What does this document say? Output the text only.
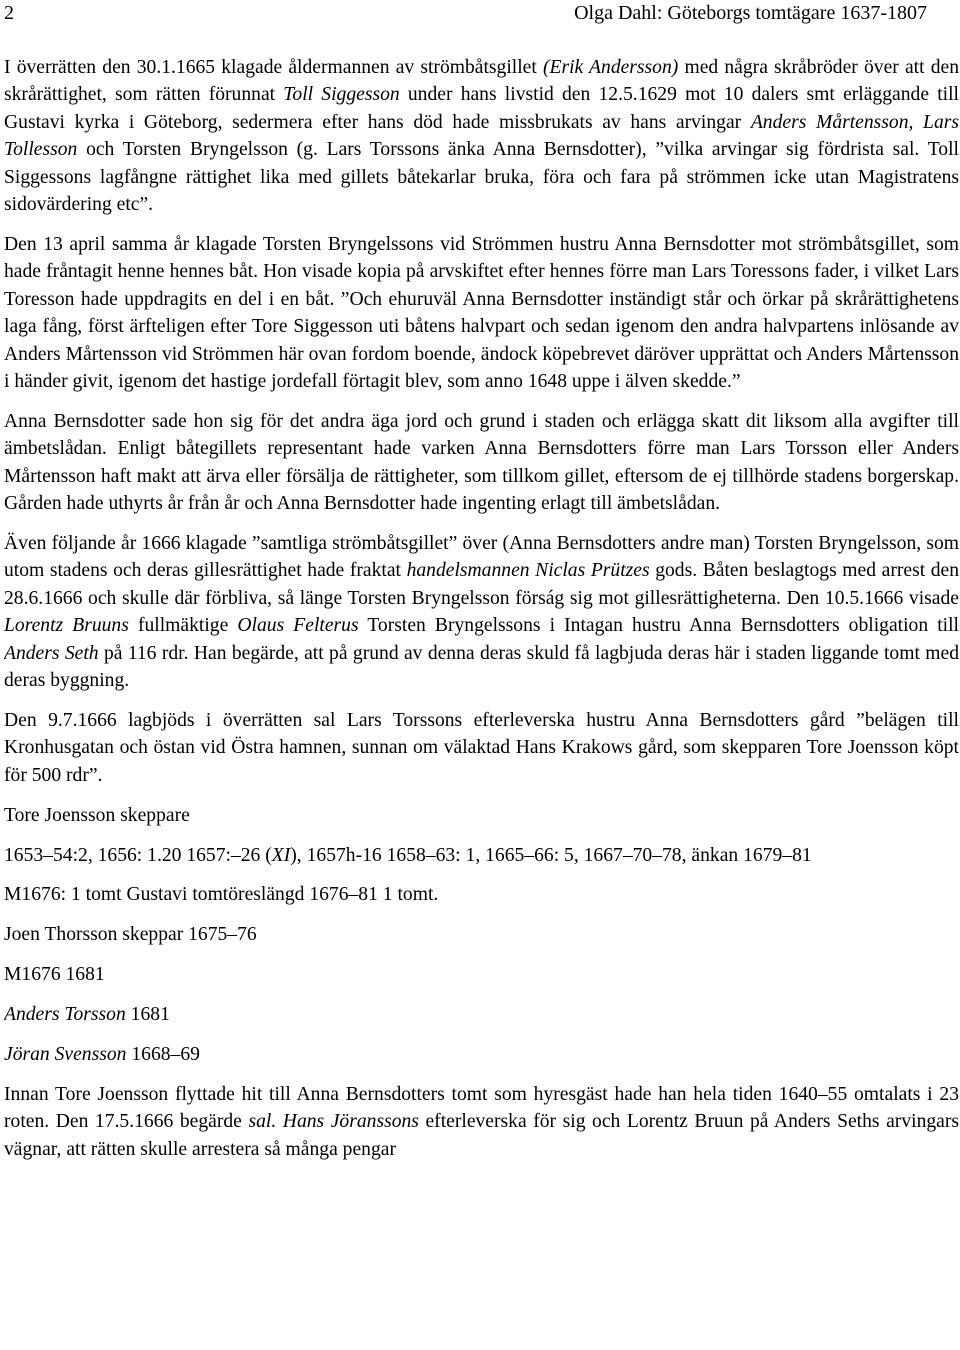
2	Olga Dahl: Göteborgs tomtägare 1637-1807

I överrätten den 30.1.1665 klagade åldermannen av strömbåtsgillet (Erik Andersson) med några skråbröder över att den skrårättighet, som rätten förunnat Toll Siggesson under hans livstid den 12.5.1629 mot 10 dalers smt erläggande till Gustavi kyrka i Göteborg, sedermera efter hans död hade missbrukats av hans arvingar Anders Mårtensson, Lars Tollesson och Torsten Bryngelsson (g. Lars Torssons änka Anna Bernsdotter), ”vilka arvingar sig fördrista sal. Toll Siggessons lagfångne rättighet lika med gillets båtekarlar bruka, föra och fara på strömmen icke utan Magistratens sidovärdering etc”.

Den 13 april samma år klagade Torsten Bryngelssons vid Strömmen hustru Anna Bernsdotter mot strömbåtsgillet, som hade fråntagit henne hennes båt. Hon visade kopia på arvskiftet efter hennes förre man Lars Toressons fader, i vilket Lars Toresson hade uppdragits en del i en båt. ”Och ehuruväl Anna Bernsdotter inständigt står och örkar på skrårättighetens laga fång, först ärfteligen efter Tore Siggesson uti båtens halvpart och sedan igenom den andra halvpartens inlösande av Anders Mårtensson vid Strömmen här ovan fordom boende, ändock köpebrevet däröver upprättat och Anders Mårtensson i händer givit, igenom det hastige jordefall förtagit blev, som anno 1648 uppe i älven skedde.”

Anna Bernsdotter sade hon sig för det andra äga jord och grund i staden och erlägga skatt dit liksom alla avgifter till ämbetslådan. Enligt båtegillets representant hade varken Anna Bernsdotters förre man Lars Torsson eller Anders Mårtensson haft makt att ärva eller försälja de rättigheter, som tillkom gillet, eftersom de ej tillhörde stadens borgerskap. Gården hade uthyrts år från år och Anna Bernsdotter hade ingenting erlagt till ämbetslådan.

Även följande år 1666 klagade ”samtliga strömbåtsgillet” över (Anna Bernsdotters andre man) Torsten Bryngelsson, som utom stadens och deras gillesrättighet hade fraktat handelsmannen Niclas Prützes gods. Båten beslagtogs med arrest den 28.6.1666 och skulle där förbliva, så länge Torsten Bryngelsson förság sig mot gillesrättigheterna. Den 10.5.1666 visade Lorentz Bruuns fullmäktige Olaus Felterus Torsten Bryngelssons i Intagan hustru Anna Bernsdotters obligation till Anders Seth på 116 rdr. Han begärde, att på grund av denna deras skuld få lagbjuda deras här i staden liggande tomt med deras byggning.

Den 9.7.1666 lagbjöds i överrätten sal Lars Torssons efterleverska hustru Anna Bernsdotters gård ”belägen till Kronhusgatan och östan vid Östra hamnen, sunnan om välaktad Hans Krakows gård, som skepparen Tore Joensson köpt för 500 rdr”.

Tore Joensson skeppare

1653–54:2, 1656: 1.20 1657:–26 (XI), 1657h-16 1658–63: 1, 1665–66: 5, 1667–70–78, änkan 1679–81

M1676: 1 tomt Gustavi tomtöreslängd 1676–81 1 tomt.

Joen Thorsson skeppar 1675–76

M1676 1681

Anders Torsson 1681

Jöran Svensson 1668–69

Innan Tore Joensson flyttade hit till Anna Bernsdotters tomt som hyresgäst hade han hela tiden 1640–55 omtalats i 23 roten. Den 17.5.1666 begärde sal. Hans Jöranssons efterleverska för sig och Lorentz Bruun på Anders Seths arvingars vägnar, att rätten skulle arrestera så många pengar
